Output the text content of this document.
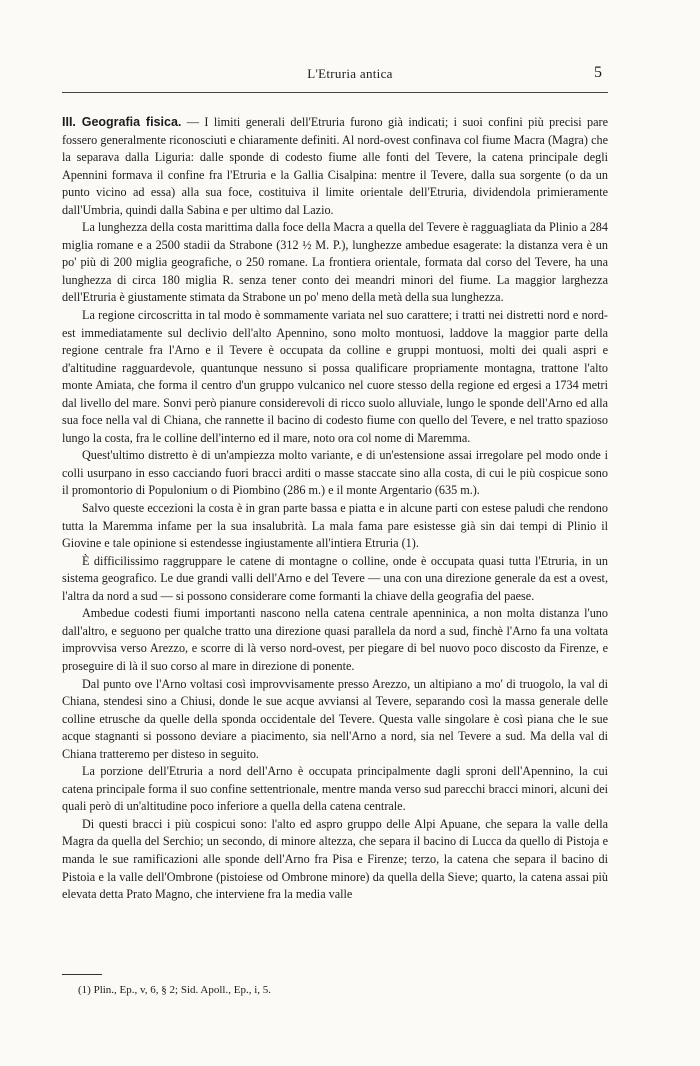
L'Etruria antica	5

III. Geografia fisica. — I limiti generali dell'Etruria furono già indicati; i suoi confini più precisi pare fossero generalmente riconosciuti e chiaramente definiti. Al nord-ovest confinava col fiume Macra (Magra) che la separava dalla Liguria: dalle sponde di codesto fiume alle fonti del Tevere, la catena principale degli Apennini formava il confine fra l'Etruria e la Gallia Cisalpina: mentre il Tevere, dalla sua sorgente (o da un punto vicino ad essa) alla sua foce, costituiva il limite orientale dell'Etruria, dividendola primieramente dall'Umbria, quindi dalla Sabina e per ultimo dal Lazio.

La lunghezza della costa marittima dalla foce della Macra a quella del Tevere è ragguagliata da Plinio a 284 miglia romane e a 2500 stadii da Strabone (312 ½ M. P.), lunghezze ambedue esagerate: la distanza vera è un po' più di 200 miglia geografiche, o 250 romane. La frontiera orientale, formata dal corso del Tevere, ha una lunghezza di circa 180 miglia R. senza tener conto dei meandri minori del fiume. La maggior larghezza dell'Etruria è giustamente stimata da Strabone un po' meno della metà della sua lunghezza.

La regione circoscritta in tal modo è sommamente variata nel suo carattere; i tratti nei distretti nord e nord-est immediatamente sul declivio dell'alto Apennino, sono molto montuosi, laddove la maggior parte della regione centrale fra l'Arno e il Tevere è occupata da colline e gruppi montuosi, molti dei quali aspri e d'altitudine ragguardevole, quantunque nessuno si possa qualificare propriamente montagna, trattone l'alto monte Amiata, che forma il centro d'un gruppo vulcanico nel cuore stesso della regione ed ergesi a 1734 metri dal livello del mare. Sonvi però pianure considerevoli di ricco suolo alluviale, lungo le sponde dell'Arno ed alla sua foce nella val di Chiana, che rannette il bacino di codesto fiume con quello del Tevere, e nel tratto spazioso lungo la costa, fra le colline dell'interno ed il mare, noto ora col nome di Maremma.

Quest'ultimo distretto è di un'ampiezza molto variante, e di un'estensione assai irregolare pel modo onde i colli usurpano in esso cacciando fuori bracci arditi o masse staccate sino alla costa, di cui le più cospicue sono il promontorio di Populonium o di Piombino (286 m.) e il monte Argentario (635 m.).

Salvo queste eccezioni la costa è in gran parte bassa e piatta e in alcune parti con estese paludi che rendono tutta la Maremma infame per la sua insalubrità. La mala fama pare esistesse già sin dai tempi di Plinio il Giovine e tale opinione si estendesse ingiustamente all'intiera Etruria (1).

È difficilissimo raggruppare le catene di montagne o colline, onde è occupata quasi tutta l'Etruria, in un sistema geografico. Le due grandi valli dell'Arno e del Tevere — una con una direzione generale da est a ovest, l'altra da nord a sud — si possono considerare come formanti la chiave della geografia del paese.

Ambedue codesti fiumi importanti nascono nella catena centrale apenninica, a non molta distanza l'uno dall'altro, e seguono per qualche tratto una direzione quasi parallela da nord a sud, finchè l'Arno fa una voltata improvvisa verso Arezzo, e scorre di là verso nord-ovest, per piegare di bel nuovo poco discosto da Firenze, e proseguire di là il suo corso al mare in direzione di ponente.

Dal punto ove l'Arno voltasi così improvvisamente presso Arezzo, un altipiano a mo' di truogolo, la val di Chiana, stendesi sino a Chiusi, donde le sue acque avviansi al Tevere, separando così la massa generale delle colline etrusche da quelle della sponda occidentale del Tevere. Questa valle singolare è così piana che le sue acque stagnanti si possono deviare a piacimento, sia nell'Arno a nord, sia nel Tevere a sud. Ma della val di Chiana tratteremo per disteso in seguito.

La porzione dell'Etruria a nord dell'Arno è occupata principalmente dagli sproni dell'Apennino, la cui catena principale forma il suo confine settentrionale, mentre manda verso sud parecchi bracci minori, alcuni dei quali però di un'altitudine poco inferiore a quella della catena centrale.

Di questi bracci i più cospicui sono: l'alto ed aspro gruppo delle Alpi Apuane, che separa la valle della Magra da quella del Serchio; un secondo, di minore altezza, che separa il bacino di Lucca da quello di Pistoja e manda le sue ramificazioni alle sponde dell'Arno fra Pisa e Firenze; terzo, la catena che separa il bacino di Pistoia e la valle dell'Ombrone (pistoiese od Ombrone minore) da quella della Sieve; quarto, la catena assai più elevata detta Prato Magno, che interviene fra la media valle

(1) Plin., Ep., v, 6, § 2; Sid. Apoll., Ep., i, 5.
